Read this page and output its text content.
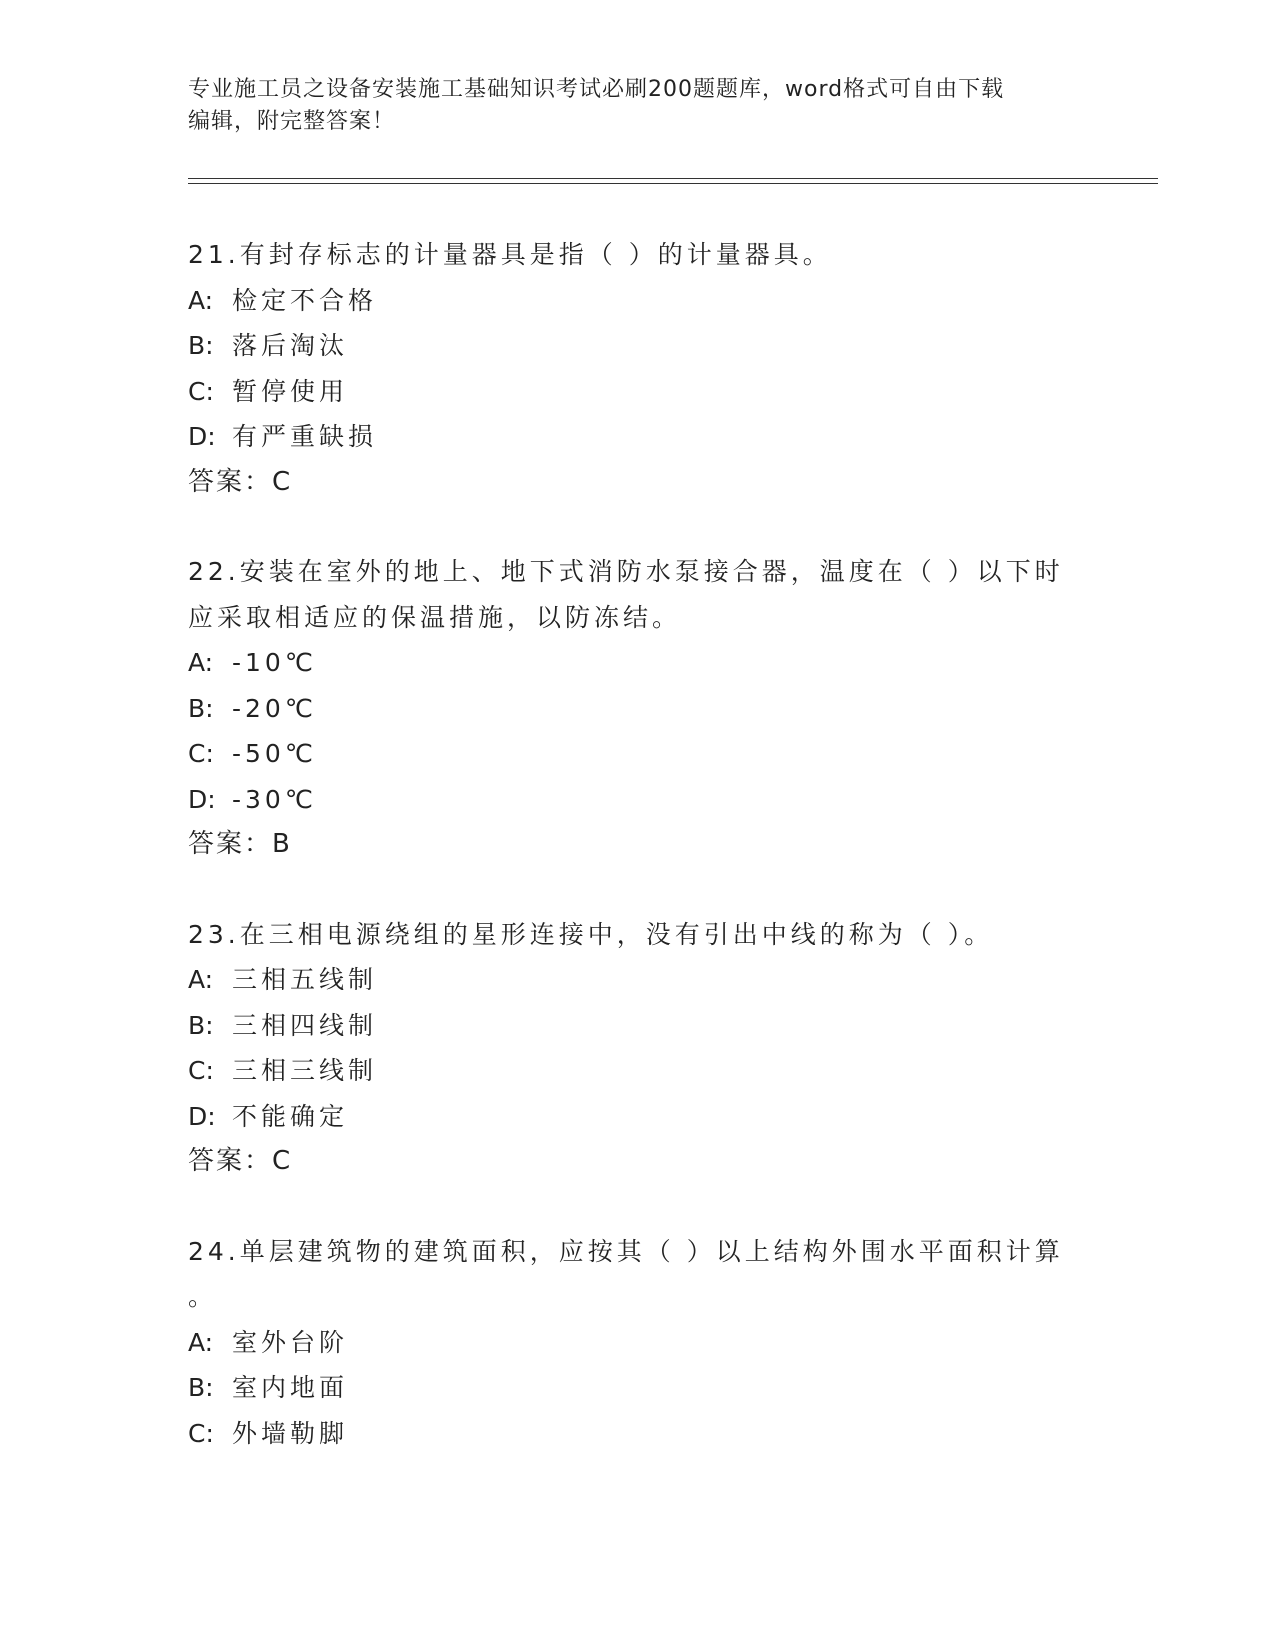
专业施工员之设备安装施工基础知识考试必刷200题题库，word格式可自由下载
编辑，附完整答案！
21.有封存标志的计量器具是指（ ）的计量器具。
A: 检定不合格
B: 落后淘汰
C: 暂停使用
D: 有严重缺损
答案：C
22.安装在室外的地上、地下式消防水泵接合器，温度在（ ）以下时
应采取相适应的保温措施，以防冻结。
A: -10℃
B: -20℃
C: -50℃
D: -30℃
答案：B
23.在三相电源绕组的星形连接中，没有引出中线的称为（ ）。
A: 三相五线制
B: 三相四线制
C: 三相三线制
D: 不能确定
答案：C
24.单层建筑物的建筑面积，应按其（ ）以上结构外围水平面积计算
。
A: 室外台阶
B: 室内地面
C: 外墙勒脚
